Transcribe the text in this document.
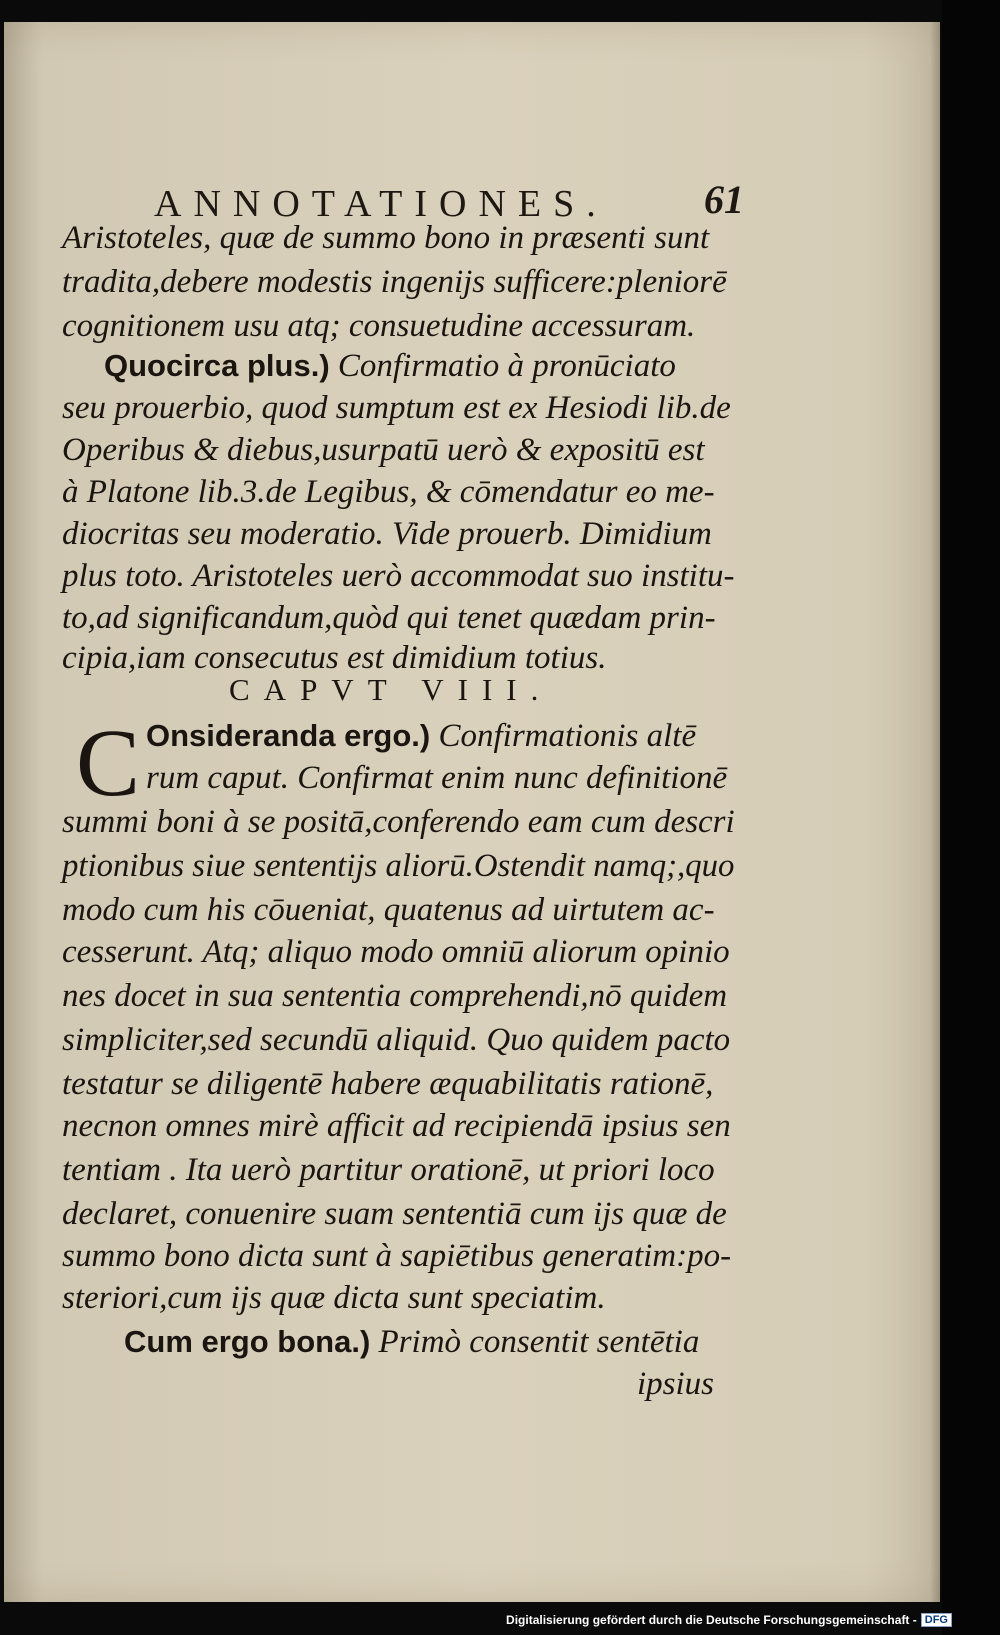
ANNOTATIONES. 61
Aristoteles, quæ de summo bono in præsenti sunt
tradita,debere modestis ingenijs sufficere:pleniorē
cognitionem usu atq; consuetudine accessuram.
Quocirca plus.) Confirmatio à pronūciato
seu prouerbio, quod sumptum est ex Hesiodi lib.de
Operibus & diebus,usurpatū uerò & expositū est
à Platone lib.3.de Legibus, & cōmendatur eo me-
diocritas seu moderatio. Vide prouerb. Dimidium
plus toto. Aristoteles uerò accommodat suo institu-
to,ad significandum,quòd qui tenet quædam prin-
cipia,iam consecutus est dimidium totius.
Onsideranda ergo.) Confirmationis altē
rum caput. Confirmat enim nunc definitionē
summi boni à se positā,conferendo eam cum descri
ptionibus siue sententijs aliorū.Ostendit namq;,quo
modo cum his cōueniat, quatenus ad uirtutem ac-
cesserunt. Atq; aliquo modo omniū aliorum opinio
nes docet in sua sententia comprehendi,nō quidem
simpliciter,sed secundū aliquid. Quo quidem pacto
testatur se diligentē habere æquabilitatis rationē,
necnon omnes mirè afficit ad recipiendā ipsius sen
tentiam . Ita uerò partitur orationē, ut priori loco
declaret, conuenire suam sententiā cum ijs quæ de
summo bono dicta sunt à sapiētibus generatim:po-
steriori,cum ijs quæ dicta sunt speciatim.
Cum ergo bona.) Primò consentit sentētia
ipsius
CAPVT VIII.
C
Digitalisierung gefördert durch die Deutsche Forschungsgemeinschaft - DFG
